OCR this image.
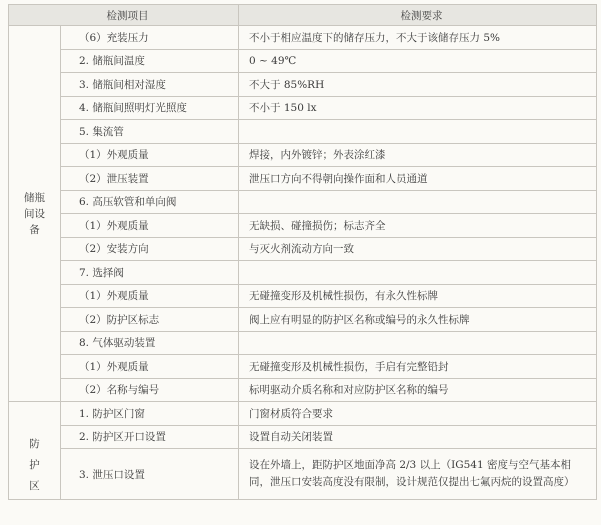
检测项目		检测要求
储瓶间设备	（6）充装压力	不小于相应温度下的储存压力，不大于该储存压力 5%
	2. 储瓶间温度	0 ~ 49℃
	3. 储瓶间相对湿度	不大于 85%RH
	4. 储瓶间照明灯光照度	不小于 150 lx
	5. 集流管	
	（1）外观质量	焊接，内外镀锌；外表涂红漆
	（2）泄压装置	泄压口方向不得朝向操作面和人员通道
	6. 高压软管和单向阀	
	（1）外观质量	无缺损、碰撞损伤；标志齐全
	（2）安装方向	与灭火剂流动方向一致
	7. 选择阀	
	（1）外观质量	无碰撞变形及机械性损伤，有永久性标牌
	（2）防护区标志	阀上应有明显的防护区名称或编号的永久性标牌
	8. 气体驱动装置	
	（1）外观质量	无碰撞变形及机械性损伤，手启有完整铅封
	（2）名称与编号	标明驱动介质名称和对应防护区名称的编号
防护区	1. 防护区门窗	门窗材质符合要求
	2. 防护区开口设置	设置自动关闭装置
	3. 泄压口设置	设在外墙上，距防护区地面净高 2/3 以上（IG541 密度与空气基本相同，泄压口安装高度没有限制，设计规范仅提出七氟丙烷的设置高度）
